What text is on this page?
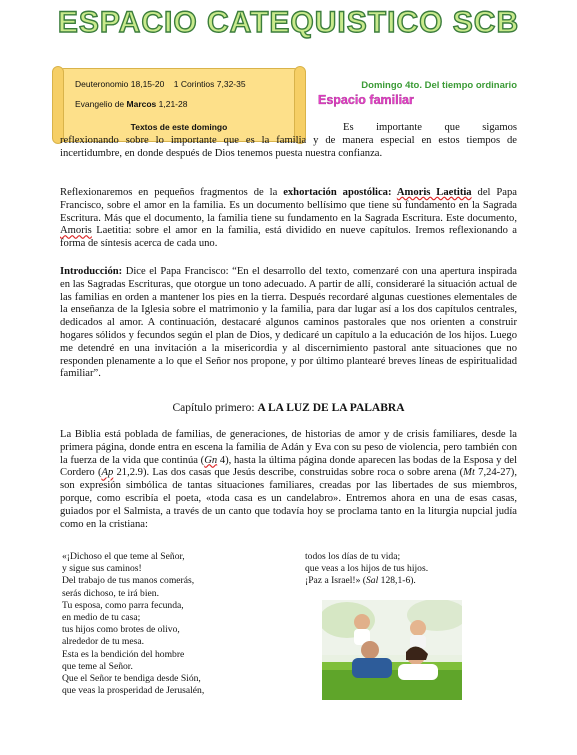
ESPACIO CATEQUISTICO SCB
Deuteronomio 18,15-20 1 Corintios 7,32-35
Evangelio de Marcos 1,21-28
Textos de este domingo
Domingo 4to. Del tiempo ordinario
Espacio familiar
Es importante que sigamos reflexionando sobre lo importante que es la familia y de manera especial en estos tiempos de incertidumbre, en donde después de Dios tenemos puesta nuestra confianza.
Reflexionaremos en pequeños fragmentos de la exhortación apostólica: Amoris Laetitia del Papa Francisco, sobre el amor en la familia. Es un documento bellísimo que tiene su fundamento en la Sagrada Escritura. Más que el documento, la familia tiene su fundamento en la Sagrada Escritura. Este documento, Amoris Laetitia: sobre el amor en la familia, está dividido en nueve capítulos. Iremos reflexionando a forma de síntesis acerca de cada uno.
Introducción: Dice el Papa Francisco: “En el desarrollo del texto, comenzaré con una apertura inspirada en las Sagradas Escrituras, que otorgue un tono adecuado. A partir de allí, consideraré la situación actual de las familias en orden a mantener los pies en la tierra. Después recordaré algunas cuestiones elementales de la enseñanza de la Iglesia sobre el matrimonio y la familia, para dar lugar así a los dos capítulos centrales, dedicados al amor. A continuación, destacaré algunos caminos pastorales que nos orienten a construir hogares sólidos y fecundos según el plan de Dios, y dedicaré un capítulo a la educación de los hijos. Luego me detendré en una invitación a la misericordia y al discernimiento pastoral ante situaciones que no responden plenamente a lo que el Señor nos propone, y por último plantearé breves líneas de espiritualidad familiar”.
Capítulo primero: A LA LUZ DE LA PALABRA
La Biblia está poblada de familias, de generaciones, de historias de amor y de crisis familiares, desde la primera página, donde entra en escena la familia de Adán y Eva con su peso de violencia, pero también con la fuerza de la vida que continúa (Gn 4), hasta la última página donde aparecen las bodas de la Esposa y del Cordero (Ap 21,2.9). Las dos casas que Jesús describe, construidas sobre roca o sobre arena (Mt 7,24-27), son expresión simbólica de tantas situaciones familiares, creadas por las libertades de sus miembros, porque, como escribía el poeta, «toda casa es un candelabro». Entremos ahora en una de esas casas, guiados por el Salmista, a través de un canto que todavía hoy se proclama tanto en la liturgia nupcial judía como en la cristiana:
«¡Dichoso el que teme al Señor,
y sigue sus caminos!
Del trabajo de tus manos comerás,
serás dichoso, te irá bien.
Tu esposa, como parra fecunda,
en medio de tu casa;
tus hijos como brotes de olivo,
alrededor de tu mesa.
Esta es la bendición del hombre
que teme al Señor.
Que el Señor te bendiga desde Sión,
que veas la prosperidad de Jerusalén,
todos los días de tu vida;
que veas a los hijos de tus hijos.
¡Paz a Israel!» (Sal 128,1-6).
